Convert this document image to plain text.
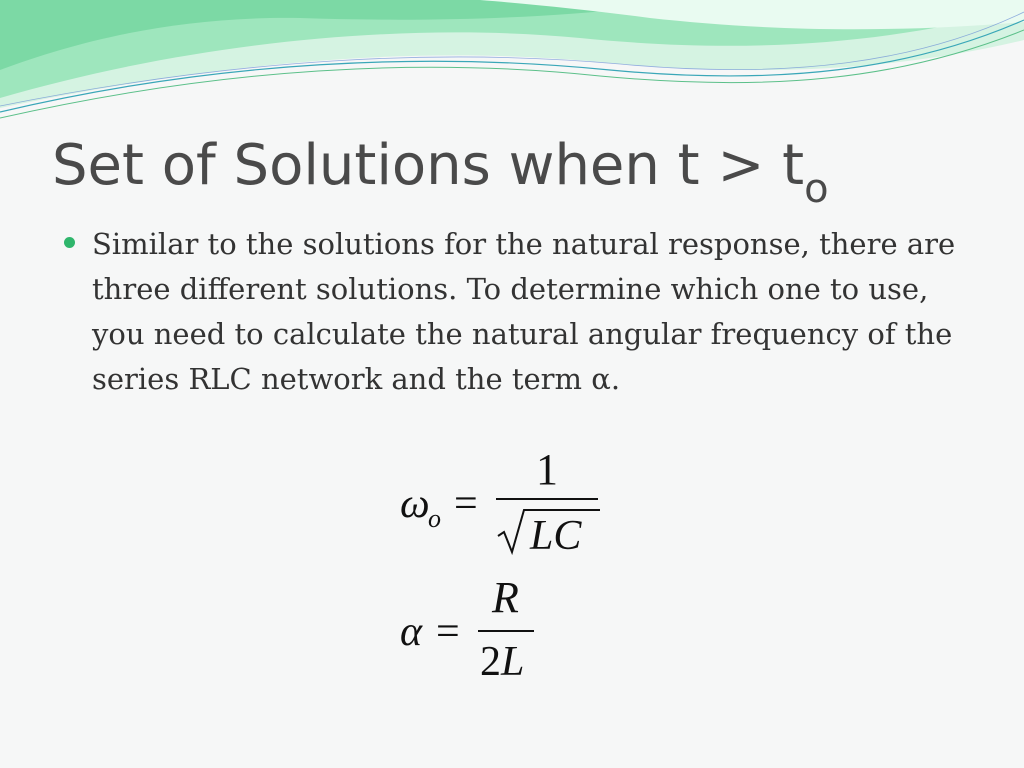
Set of Solutions when $t > t_o$
Similar to the solutions for the natural response, there are three different solutions. To determine which one to use, you need to calculate the natural angular frequency of the series RLC network and the term α.
ω
o =
1
LC
α =
R
2L
